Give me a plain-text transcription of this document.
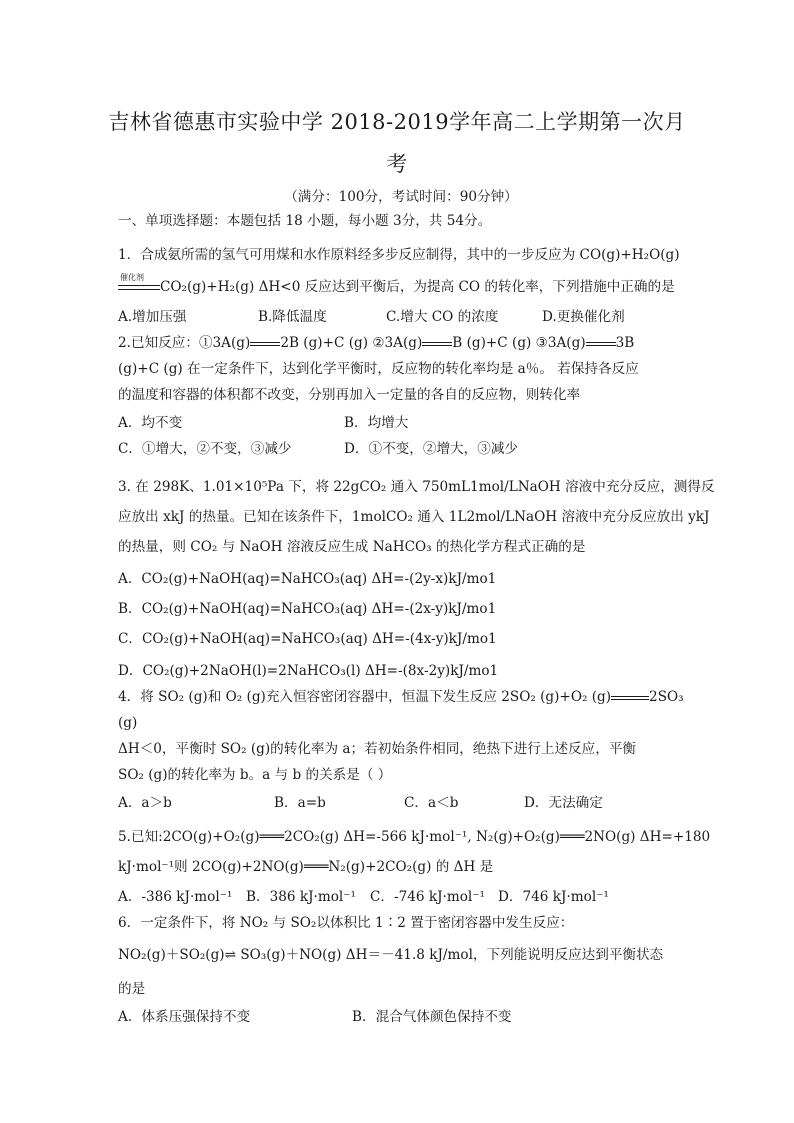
吉林省德惠市实验中学 2018-2019学年高二上学期第一次月
考
（满分：100分，考试时间：90分钟）
一、单项选择题：本题包括 18 小题，每小题 3分，共 54分。
1．合成氨所需的氢气可用煤和水作原料经多步反应制得，其中的一步反应为 CO(g)+H₂O(g)
催化剂
CO₂(g)+H₂(g) ΔH<0 反应达到平衡后，为提高 CO 的转化率，下列措施中正确的是
A.增加压强	B.降低温度	C.增大 CO 的浓度	D.更换催化剂
2.已知反应：①3A(g) 2B (g)+C (g) ②3A(g) B (g)+C (g) ③3A(g) 3B
(g)+C (g) 在一定条件下，达到化学平衡时，反应物的转化率均是 a％。 若保持各反应
的温度和容器的体积都不改变，分别再加入一定量的各自的反应物，则转化率
A．均不变	B．均增大
C．①增大，②不变，③减少	D．①不变，②增大，③减少
3. 在 298K、1.01×10⁵Pa 下，将 22gCO₂ 通入 750mL1mol/LNaOH 溶液中充分反应，测得反
应放出 xkJ 的热量。已知在该条件下，1molCO₂ 通入 1L2mol/LNaOH 溶液中充分反应放出 ykJ
的热量，则 CO₂ 与 NaOH 溶液反应生成 NaHCO₃ 的热化学方程式正确的是
A．CO₂(g)+NaOH(aq)=NaHCO₃(aq) ΔH=-(2y-x)kJ/mo1
B．CO₂(g)+NaOH(aq)=NaHCO₃(aq) ΔH=-(2x-y)kJ/mo1
C．CO₂(g)+NaOH(aq)=NaHCO₃(aq) ΔH=-(4x-y)kJ/mo1
D．CO₂(g)+2NaOH(l)=2NaHCO₃(l) ΔH=-(8x-2y)kJ/mo1
4．将 SO₂ (g)和 O₂ (g)充入恒容密闭容器中，恒温下发生反应 2SO₂ (g)+O₂ (g)	2SO₃
(g)
ΔH＜0，平衡时 SO₂ (g)的转化率为 a；若初始条件相同，绝热下进行上述反应，平衡
SO₂ (g)的转化率为 b。a 与 b 的关系是（ ）
A．a＞b	B．a=b	C．a＜b	D．无法确定
5.已知:2CO(g)+O₂(g)═══2CO₂(g) ΔH=-566 kJ·mol⁻¹, N₂(g)+O₂(g)═══2NO(g) ΔH=+180
kJ·mol⁻¹则 2CO(g)+2NO(g)═══N₂(g)+2CO₂(g) 的 ΔH 是
A．-386 kJ·mol⁻¹ B．386 kJ·mol⁻¹ C．-746 kJ·mol⁻¹ D．746 kJ·mol⁻¹
6．一定条件下，将 NO₂ 与 SO₂以体积比 1∶2 置于密闭容器中发生反应：
NO₂(g)＋SO₂(g)⇌ SO₃(g)＋NO(g) ΔH＝－41.8 kJ/mol，下列能说明反应达到平衡状态
的是
A．体系压强保持不变	B．混合气体颜色保持不变
